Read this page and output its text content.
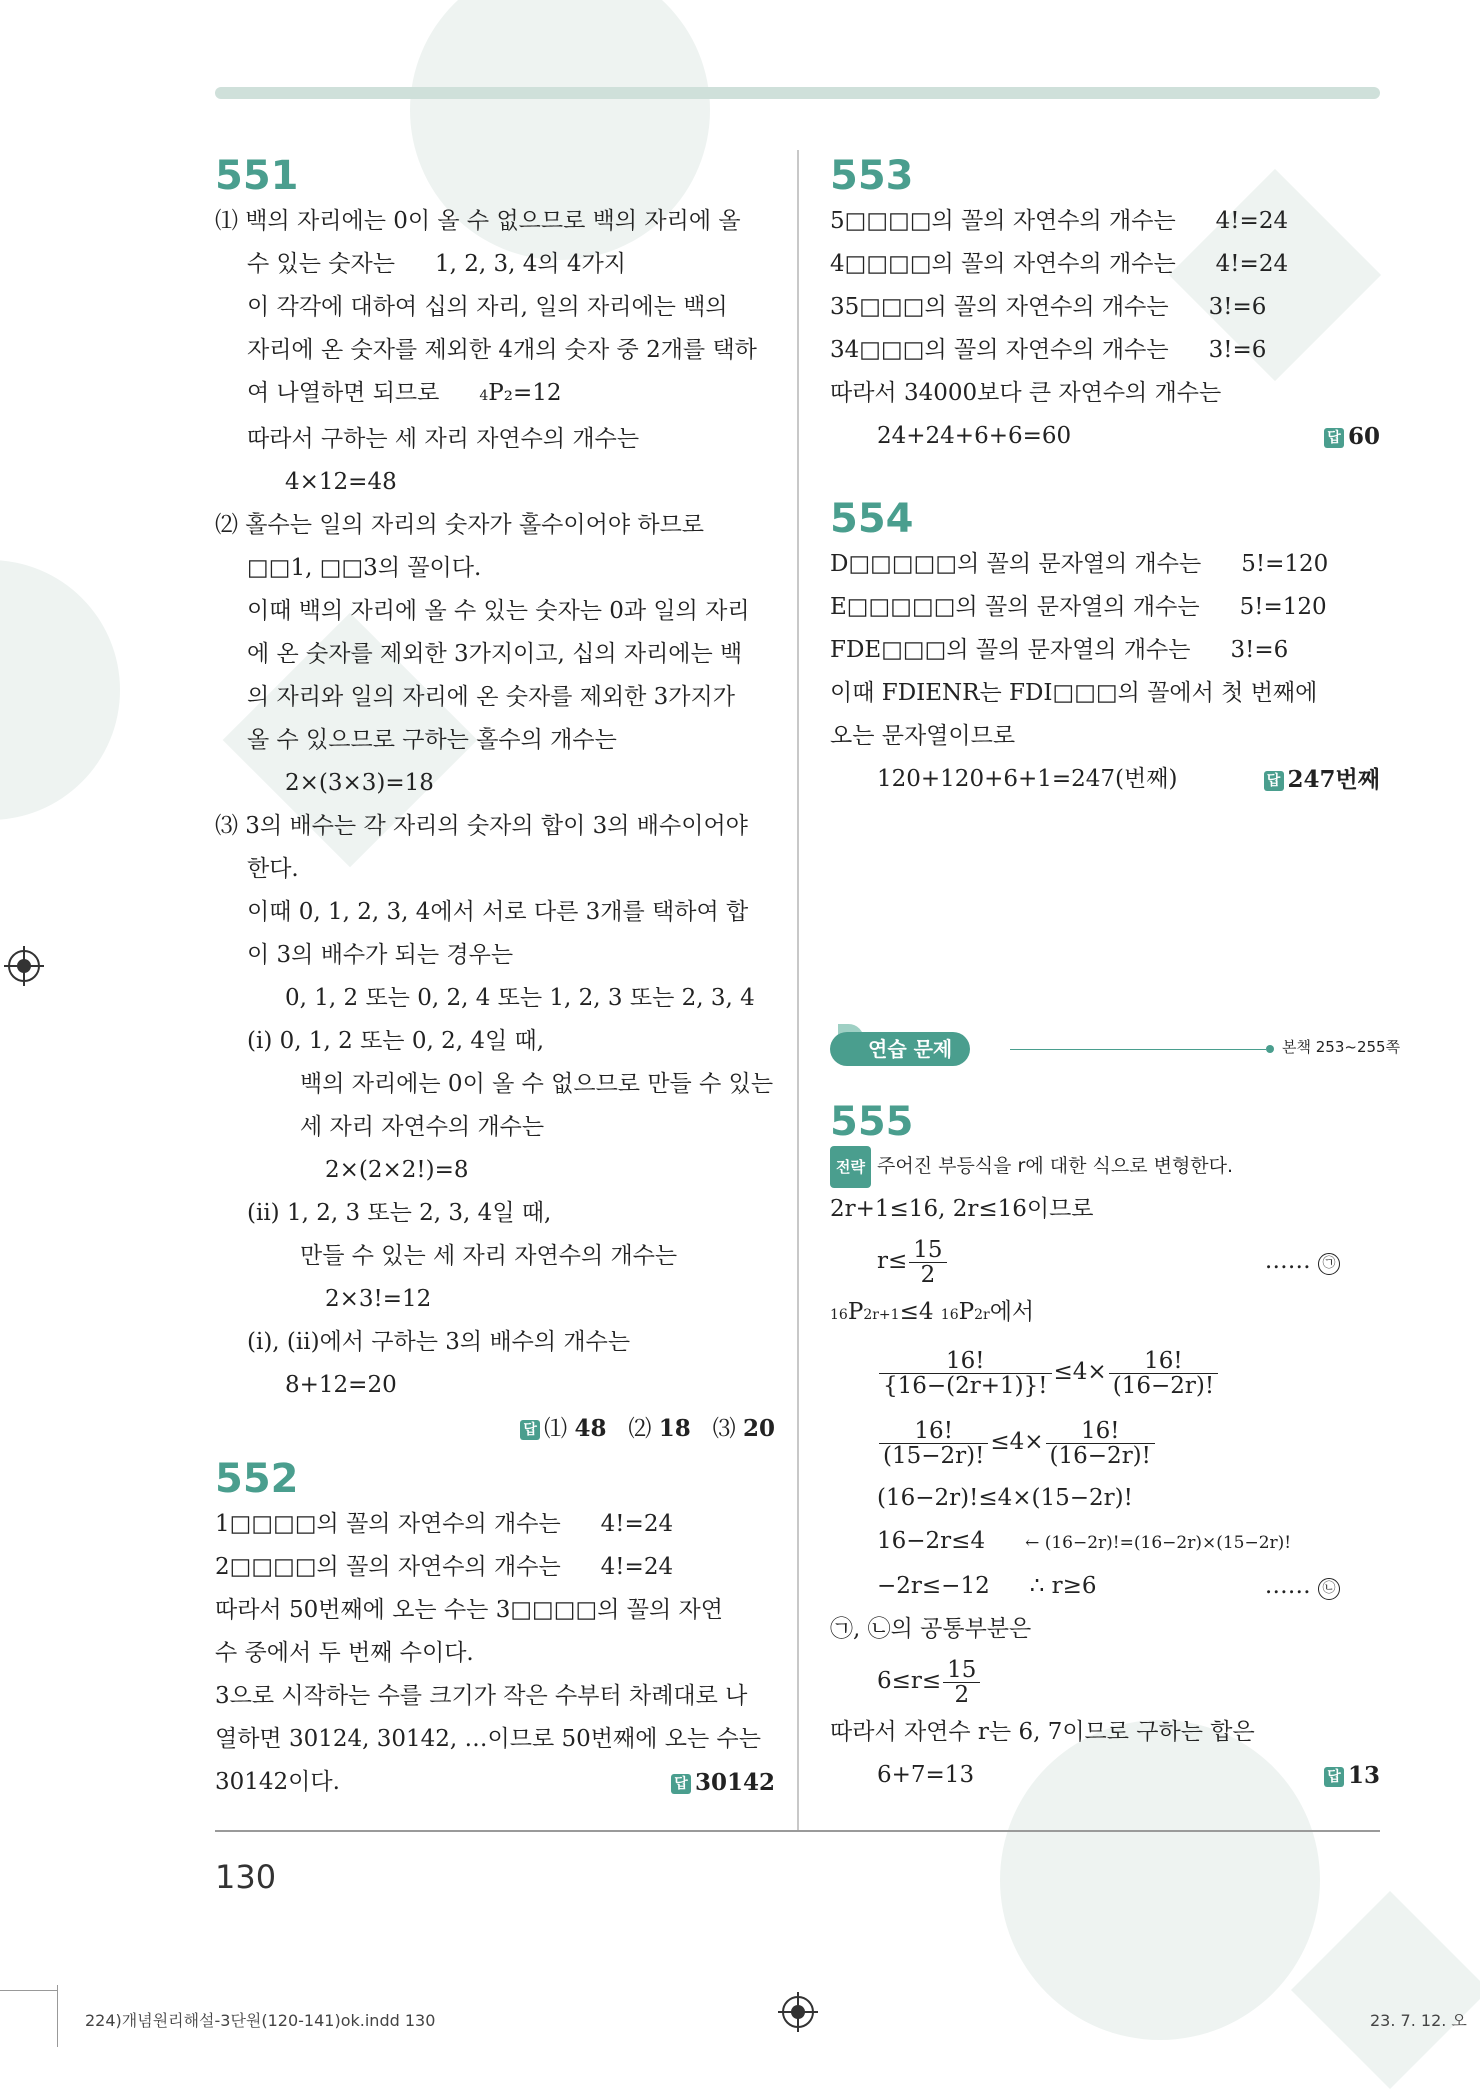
551

⑴ 백의 자리에는 0이 올 수 없으므로 백의 자리에 올

수 있는 숫자는 1, 2, 3, 4의 4가지

이 각각에 대하여 십의 자리, 일의 자리에는 백의

자리에 온 숫자를 제외한 4개의 숫자 중 2개를 택하

여 나열하면 되므로	4P₂=12

따라서 구하는 세 자리 자연수의 개수는

4×12=48

⑵ 홀수는 일의 자리의 숫자가 홀수이어야 하므로

□□1, □□3의 꼴이다.

이때 백의 자리에 올 수 있는 숫자는 0과 일의 자리

에 온 숫자를 제외한 3가지이고, 십의 자리에는 백

의 자리와 일의 자리에 온 숫자를 제외한 3가지가

올 수 있으므로 구하는 홀수의 개수는

2×(3×3)=18

⑶ 3의 배수는 각 자리의 숫자의 합이 3의 배수이어야

한다.

이때 0, 1, 2, 3, 4에서 서로 다른 3개를 택하여 합

이 3의 배수가 되는 경우는

0, 1, 2 또는 0, 2, 4 또는 1, 2, 3 또는 2, 3, 4

(ⅰ) 0, 1, 2 또는 0, 2, 4일 때,

백의 자리에는 0이 올 수 없으므로 만들 수 있는

세 자리 자연수의 개수는

2×(2×2!)=8

(ⅱ) 1, 2, 3 또는 2, 3, 4일 때,

만들 수 있는 세 자리 자연수의 개수는

2×3!=12

(ⅰ), (ⅱ)에서 구하는 3의 배수의 개수는

8+12=20

답 ⑴ 48 ⑵ 18 ⑶ 20

552

1□□□□의 꼴의 자연수의 개수는 4!=24

2□□□□의 꼴의 자연수의 개수는 4!=24

따라서 50번째에 오는 수는 3□□□□의 꼴의 자연

수 중에서 두 번째 수이다.

3으로 시작하는 수를 크기가 작은 수부터 차례대로 나

열하면 30124, 30142, …이므로 50번째에 오는 수는

30142이다.	답 30142

553

5□□□□의 꼴의 자연수의 개수는 4!=24

4□□□□의 꼴의 자연수의 개수는 4!=24

35□□□의 꼴의 자연수의 개수는 3!=6

34□□□의 꼴의 자연수의 개수는 3!=6

따라서 34000보다 큰 자연수의 개수는

24+24+6+6=60	답 60

554

D□□□□□의 꼴의 문자열의 개수는 5!=120

E□□□□□의 꼴의 문자열의 개수는 5!=120

FDE□□□의 꼴의 문자열의 개수는 3!=6

이때 FDIENR는 FDI□□□의 꼴에서 첫 번째에

오는 문자열이므로

120+120+6+1=247(번째)	답 247번째

연습 문제	본책 253~255쪽

555

전략 주어진 부등식을 r에 대한 식으로 변형한다.

2r+1≤16, 2r≤16이므로

$r\le \frac{15}{2}$	…… ㉠

16P2r+1≤4 16P2r에서

$\frac{16!}{\{16-(2r+1)\}!} \le 4\times \frac{16!}{(16-2r)!}$

$\frac{16!}{(15-2r)!} \le 4\times \frac{16!}{(16-2r)!}$

(16−2r)!≤4×(15−2r)!

16−2r≤4 ← (16−2r)!=(16−2r)×(15−2r)!

−2r≤−12 ∴ r≥6	…… ㉡

㉠, ㉡의 공통부분은

$6\le r\le \frac{15}{2}$

따라서 자연수 r는 6, 7이므로 구하는 합은

6+7=13	답 13

130
224)개념원리해설-3단원(120-141)ok.indd 130	23. 7. 12. 오
